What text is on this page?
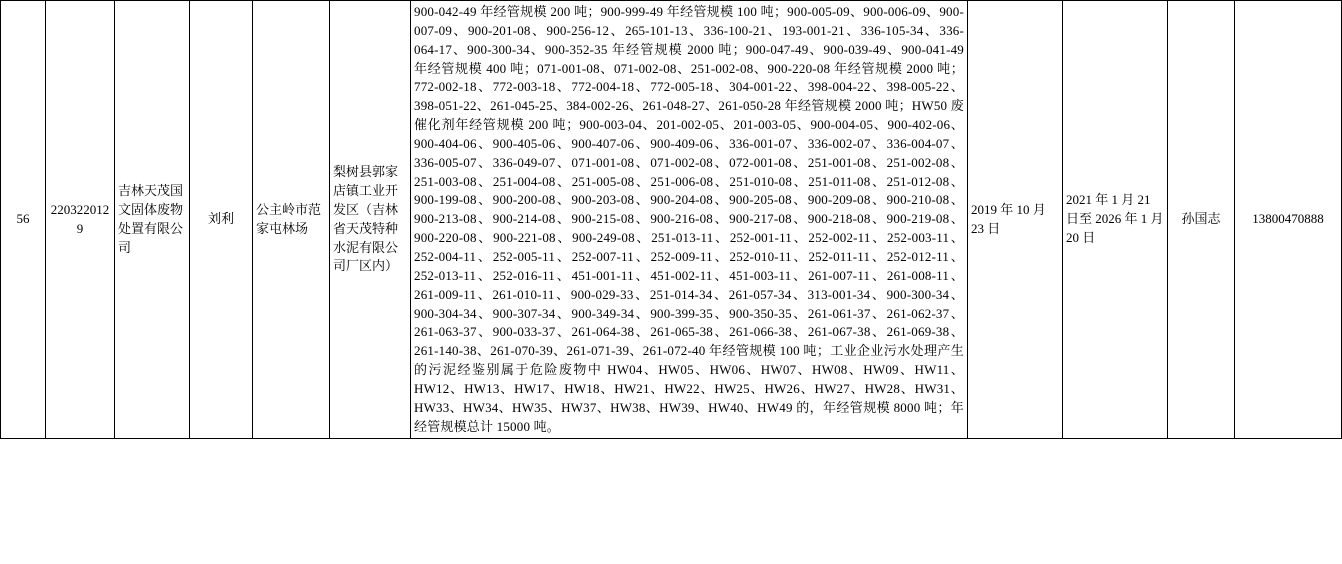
56	2203220129	吉林天茂国文固体废物处置有限公司	刘利	公主岭市范家屯林场	梨树县郭家店镇工业开发区（吉林省天茂特种水泥有限公司厂区内）	900-042-49 年经管规模 200 吨；900-999-49 年经管规模 100 吨；900-005-09、900-006-09、900-007-09、900-201-08、900-256-12、265-101-13、336-100-21、193-001-21、336-105-34、336-064-17、900-300-34、900-352-35 年经管规模 2000 吨；900-047-49、900-039-49、900-041-49 年经管规模 400 吨；071-001-08、071-002-08、251-002-08、900-220-08 年经管规模 2000 吨；772-002-18、772-003-18、772-004-18、772-005-18、304-001-22、398-004-22、398-005-22、398-051-22、261-045-25、384-002-26、261-048-27、261-050-28 年经管规模 2000 吨；HW50 废催化剂年经管规模 200 吨；900-003-04、201-002-05、201-003-05、900-004-05、900-402-06、900-404-06、900-405-06、900-407-06、900-409-06、336-001-07、336-002-07、336-004-07、336-005-07、336-049-07、071-001-08、071-002-08、072-001-08、251-001-08、251-002-08、251-003-08、251-004-08、251-005-08、251-006-08、251-010-08、251-011-08、251-012-08、900-199-08、900-200-08、900-203-08、900-204-08、900-205-08、900-209-08、900-210-08、900-213-08、900-214-08、900-215-08、900-216-08、900-217-08、900-218-08、900-219-08、900-220-08、900-221-08、900-249-08、251-013-11、252-001-11、252-002-11、252-003-11、252-004-11、252-005-11、252-007-11、252-009-11、252-010-11、252-011-11、252-012-11、252-013-11、252-016-11、451-001-11、451-002-11、451-003-11、261-007-11、261-008-11、261-009-11、261-010-11、900-029-33、251-014-34、261-057-34、313-001-34、900-300-34、900-304-34、900-307-34、900-349-34、900-399-35、900-350-35、261-061-37、261-062-37、261-063-37、900-033-37、261-064-38、261-065-38、261-066-38、261-067-38、261-069-38、261-140-38、261-070-39、261-071-39、261-072-40 年经管规模 100 吨；工业企业污水处理产生的污泥经鉴别属于危险废物中 HW04、HW05、HW06、HW07、HW08、HW09、HW11、HW12、HW13、HW17、HW18、HW21、HW22、HW25、HW26、HW27、HW28、HW31、HW33、HW34、HW35、HW37、HW38、HW39、HW40、HW49 的，年经管规模 8000 吨；年经管规模总计 15000 吨。	2019 年 10 月 23 日	2021 年 1 月 21 日至 2026 年 1 月 20 日	孙国志	13800470888
